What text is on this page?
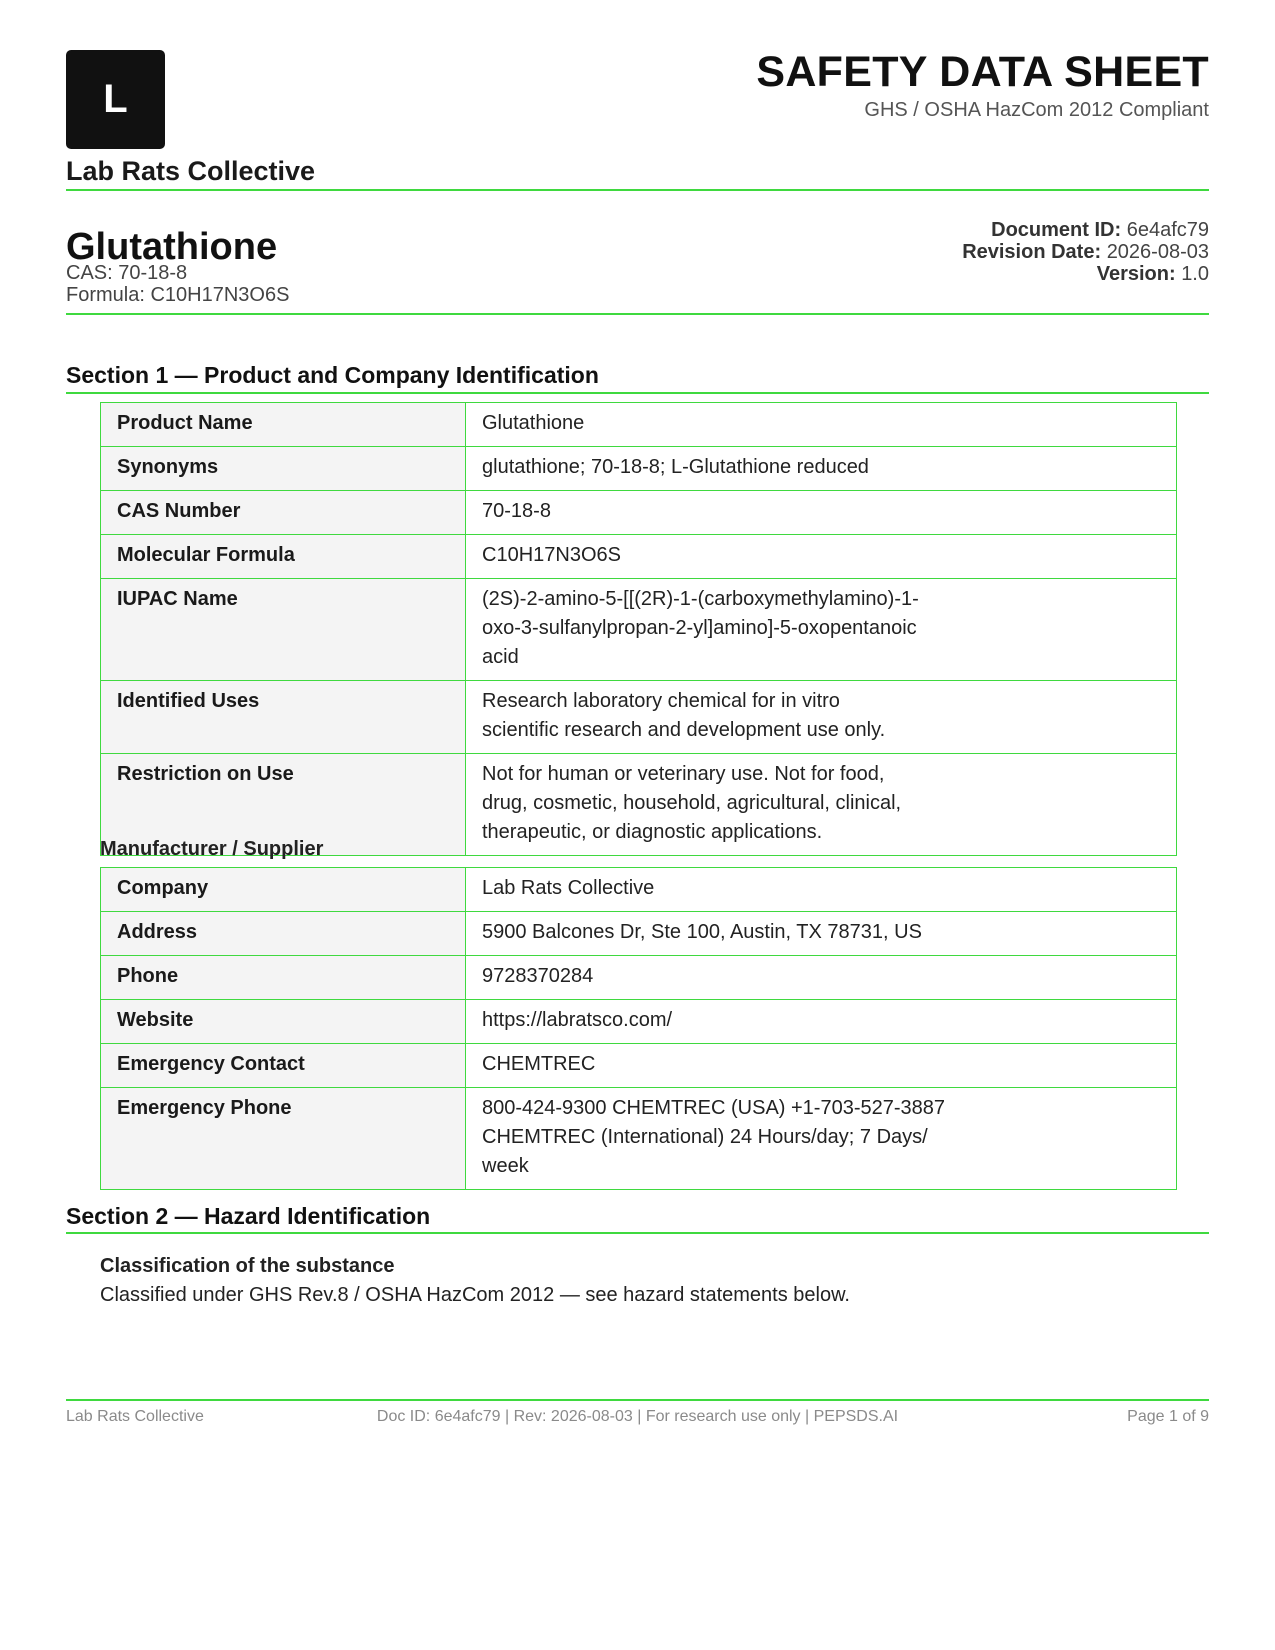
L
Lab Rats Collective
SAFETY DATA SHEET
GHS / OSHA HazCom 2012 Compliant
Glutathione
CAS: 70-18-8
Formula: C10H17N3O6S
Document ID: 6e4afc79
Revision Date: 2026-08-03
Version: 1.0
Section 1 — Product and Company Identification
Product Name	Glutathione
Synonyms	glutathione; 70-18-8; L-Glutathione reduced
CAS Number	70-18-8
Molecular Formula	C10H17N3O6S
IUPAC Name	(2S)-2-amino-5-[[(2R)-1-(carboxymethylamino)-1-
oxo-3-sulfanylpropan-2-yl]amino]-5-oxopentanoic
acid
Identified Uses	Research laboratory chemical for in vitro
scientific research and development use only.
Restriction on Use	Not for human or veterinary use. Not for food,
drug, cosmetic, household, agricultural, clinical,
therapeutic, or diagnostic applications.
Manufacturer / Supplier
Company	Lab Rats Collective
Address	5900 Balcones Dr, Ste 100, Austin, TX 78731, US
Phone	9728370284
Website	https://labratsco.com/
Emergency Contact	CHEMTREC
Emergency Phone	800-424-9300 CHEMTREC (USA) +1-703-527-3887
CHEMTREC (International) 24 Hours/day; 7 Days/
week
Section 2 — Hazard Identification
Classification of the substance
Classified under GHS Rev.8 / OSHA HazCom 2012 — see hazard statements below.
Lab Rats Collective	Doc ID: 6e4afc79 | Rev: 2026-08-03 | For research use only | PEPSDS.AI	Page 1 of 9
